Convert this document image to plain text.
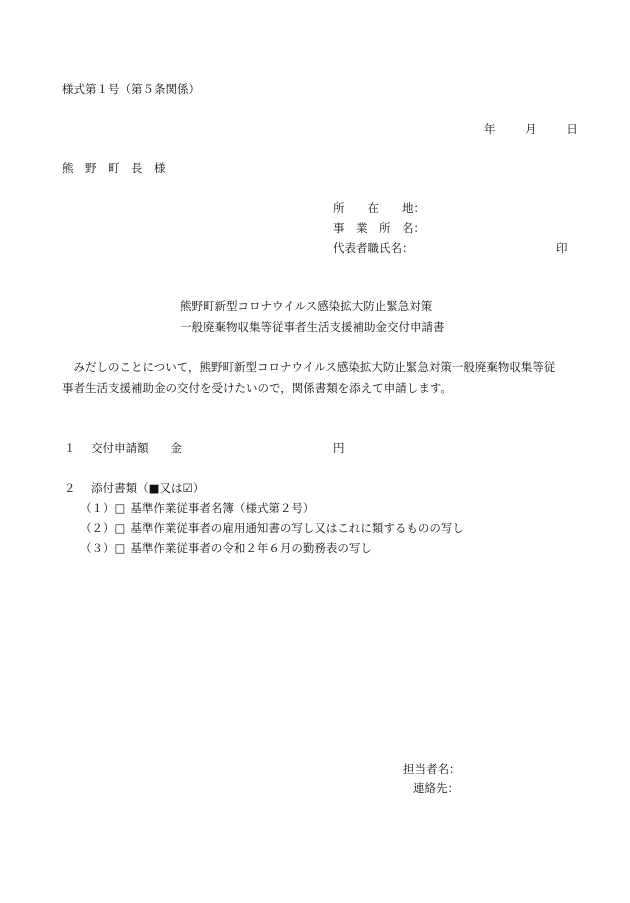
様式第１号（第５条関係）
年	月	日
熊　野　町　長　様
所　　在　　地：
事　業　所　名：
代表者職氏名：	印
熊野町新型コロナウイルス感染拡大防止緊急対策
一般廃棄物収集等従事者生活支援補助金交付申請書
　みだしのことについて，熊野町新型コロナウイルス感染拡大防止緊急対策一般廃棄物収集等従
事者生活支援補助金の交付を受けたいので，関係書類を添えて申請します。
１ 交付申請額 金	円
２ 添付書類（■又は☑）
（１） □ 基準作業従事者名簿（様式第２号）
（２） □ 基準作業従事者の雇用通知書の写し又はこれに類するものの写し
（３） □ 基準作業従事者の令和２年６月の勤務表の写し
担当者名：
連絡先：
